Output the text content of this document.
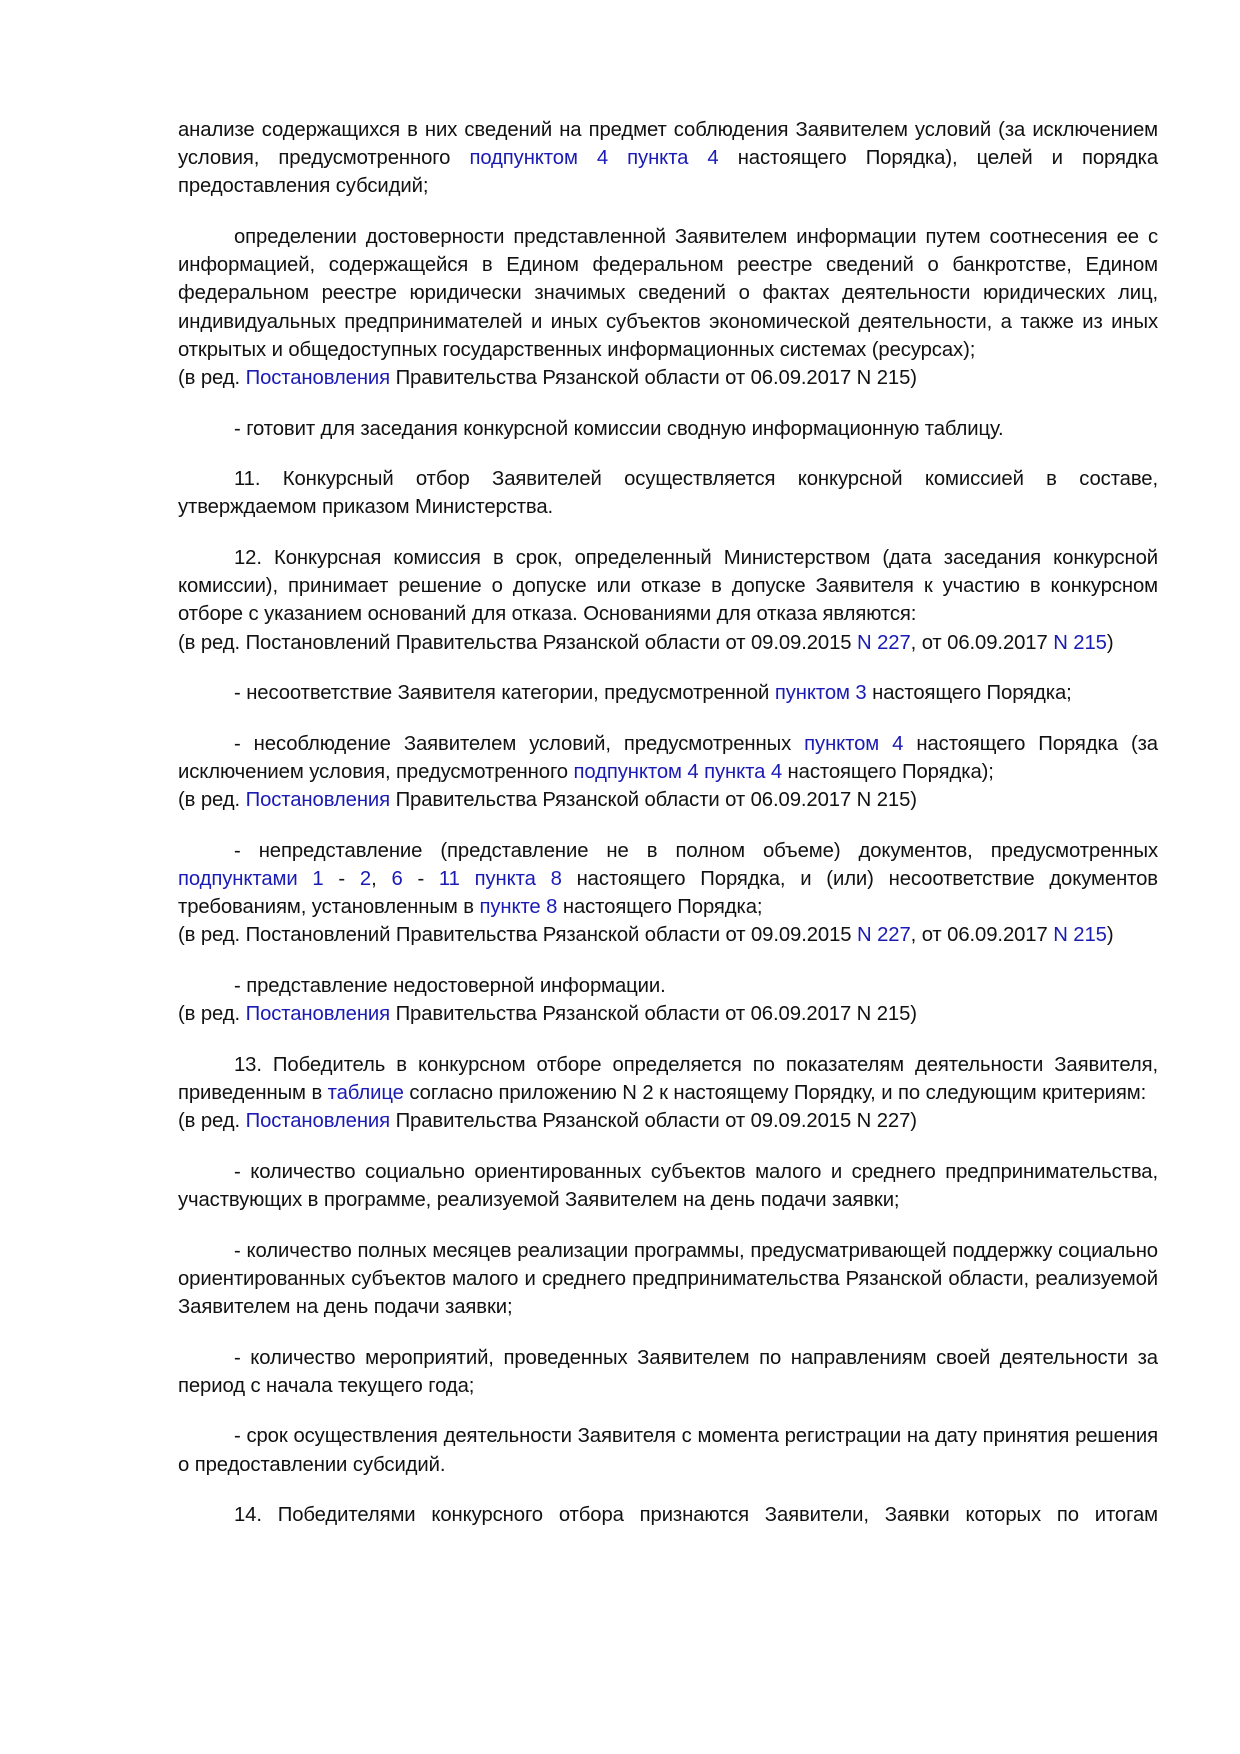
анализе содержащихся в них сведений на предмет соблюдения Заявителем условий (за исключением условия, предусмотренного подпунктом 4 пункта 4 настоящего Порядка), целей и порядка предоставления субсидий;

определении достоверности представленной Заявителем информации путем соотнесения ее с информацией, содержащейся в Едином федеральном реестре сведений о банкротстве, Едином федеральном реестре юридически значимых сведений о фактах деятельности юридических лиц, индивидуальных предпринимателей и иных субъектов экономической деятельности, а также из иных открытых и общедоступных государственных информационных системах (ресурсах);

(в ред. Постановления Правительства Рязанской области от 06.09.2017 N 215)

- готовит для заседания конкурсной комиссии сводную информационную таблицу.

11. Конкурсный отбор Заявителей осуществляется конкурсной комиссией в составе, утверждаемом приказом Министерства.

12. Конкурсная комиссия в срок, определенный Министерством (дата заседания конкурсной комиссии), принимает решение о допуске или отказе в допуске Заявителя к участию в конкурсном отборе с указанием оснований для отказа. Основаниями для отказа являются:

(в ред. Постановлений Правительства Рязанской области от 09.09.2015 N 227, от 06.09.2017 N 215)

- несоответствие Заявителя категории, предусмотренной пунктом 3 настоящего Порядка;

- несоблюдение Заявителем условий, предусмотренных пунктом 4 настоящего Порядка (за исключением условия, предусмотренного подпунктом 4 пункта 4 настоящего Порядка);

(в ред. Постановления Правительства Рязанской области от 06.09.2017 N 215)

- непредставление (представление не в полном объеме) документов, предусмотренных подпунктами 1 - 2, 6 - 11 пункта 8 настоящего Порядка, и (или) несоответствие документов требованиям, установленным в пункте 8 настоящего Порядка;

(в ред. Постановлений Правительства Рязанской области от 09.09.2015 N 227, от 06.09.2017 N 215)

- представление недостоверной информации.

(в ред. Постановления Правительства Рязанской области от 06.09.2017 N 215)

13. Победитель в конкурсном отборе определяется по показателям деятельности Заявителя, приведенным в таблице согласно приложению N 2 к настоящему Порядку, и по следующим критериям:

(в ред. Постановления Правительства Рязанской области от 09.09.2015 N 227)

- количество социально ориентированных субъектов малого и среднего предпринимательства, участвующих в программе, реализуемой Заявителем на день подачи заявки;

- количество полных месяцев реализации программы, предусматривающей поддержку социально ориентированных субъектов малого и среднего предпринимательства Рязанской области, реализуемой Заявителем на день подачи заявки;

- количество мероприятий, проведенных Заявителем по направлениям своей деятельности за период с начала текущего года;

- срок осуществления деятельности Заявителя с момента регистрации на дату принятия решения о предоставлении субсидий.

14. Победителями конкурсного отбора признаются Заявители, Заявки которых по итогам
